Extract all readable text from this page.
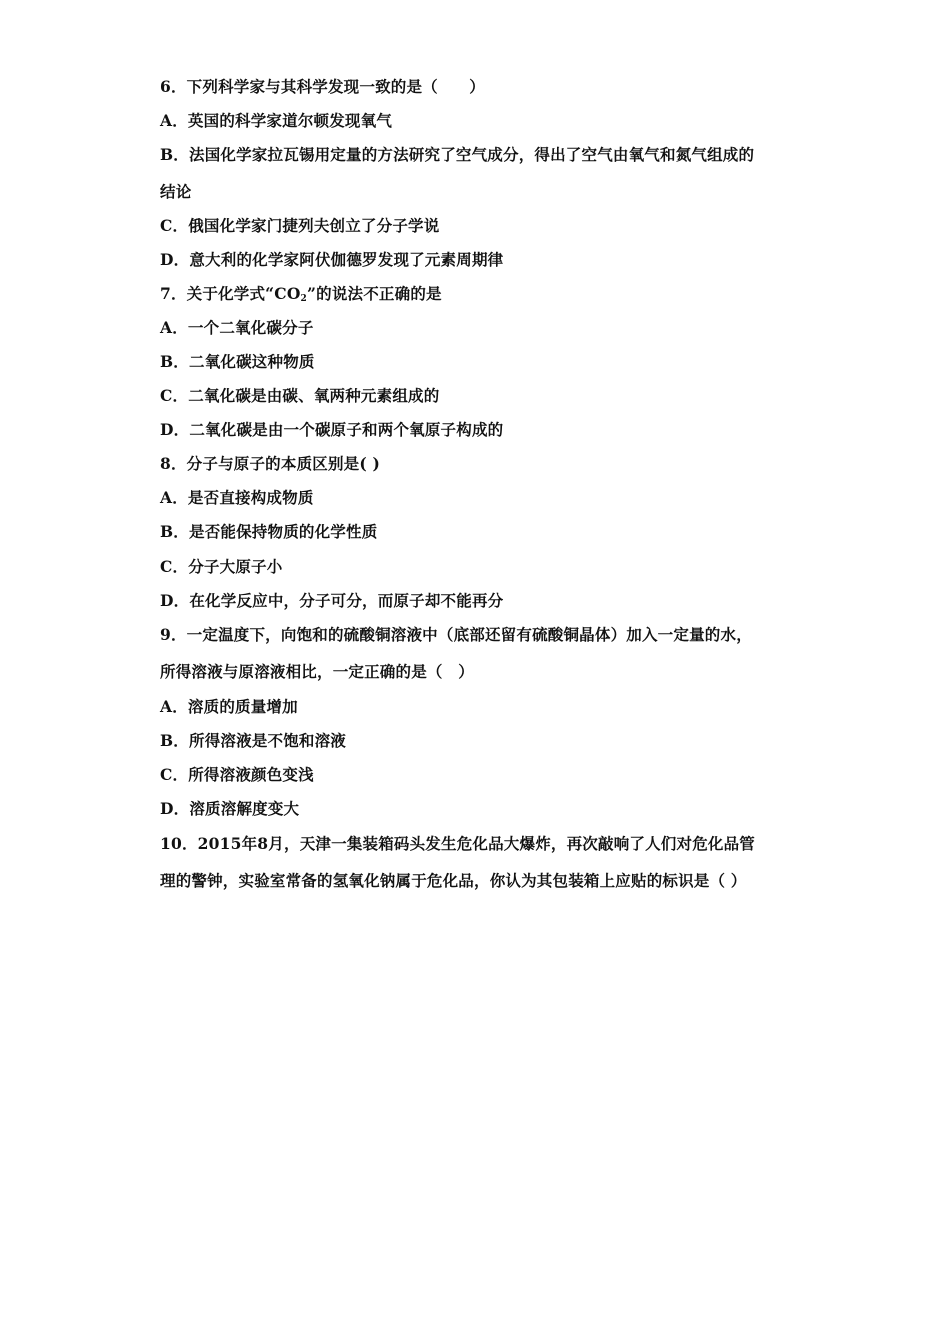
6．下列科学家与其科学发现一致的是（　　）
A．英国的科学家道尔顿发现氧气
B．法国化学家拉瓦锡用定量的方法研究了空气成分，得出了空气由氧气和氮气组成的
结论
C．俄国化学家门捷列夫创立了分子学说
D．意大利的化学家阿伏伽德罗发现了元素周期律
7．关于化学式“$CO_2$”的说法不正确的是
A．一个二氧化碳分子
B．二氧化碳这种物质
C．二氧化碳是由碳、氧两种元素组成的
D．二氧化碳是由一个碳原子和两个氧原子构成的
8．分子与原子的本质区别是( )
A．是否直接构成物质
B．是否能保持物质的化学性质
C．分子大原子小
D．在化学反应中，分子可分，而原子却不能再分
9．一定温度下，向饱和的硫酸铜溶液中（底部还留有硫酸铜晶体）加入一定量的水，
所得溶液与原溶液相比，一定正确的是（　）
A．溶质的质量增加
B．所得溶液是不饱和溶液
C．所得溶液颜色变浅
D．溶质溶解度变大
10．2015年8月，天津一集装箱码头发生危化品大爆炸，再次敲响了人们对危化品管
理的警钟，实验室常备的氢氧化钠属于危化品，你认为其包装箱上应贴的标识是（ ）
